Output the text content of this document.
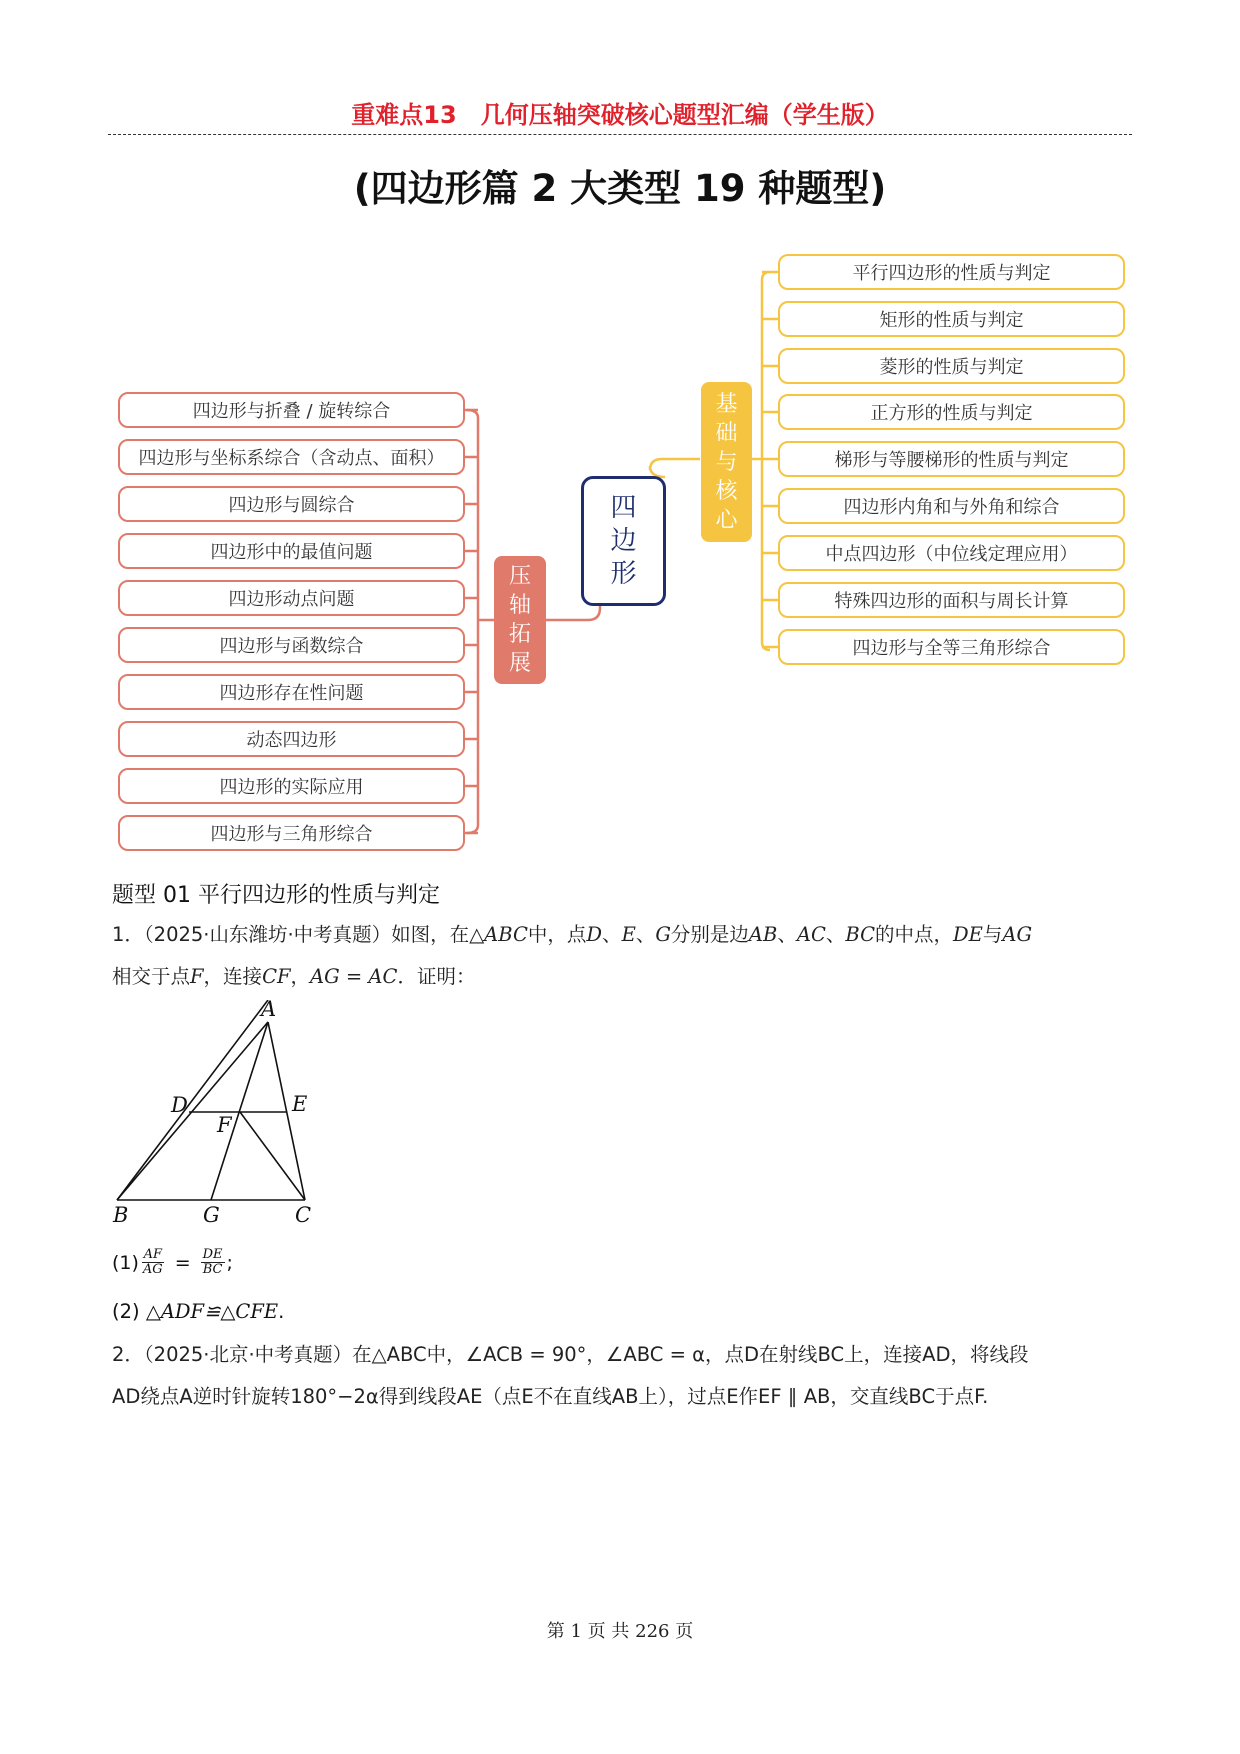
重难点13　几何压轴突破核心题型汇编（学生版）
(四边形篇 2 大类型 19 种题型)
四
边
形
基
础
与
核
心
压
轴
拓
展
平行四边形的性质与判定
矩形的性质与判定
菱形的性质与判定
正方形的性质与判定
梯形与等腰梯形的性质与判定
四边形内角和与外角和综合
中点四边形（中位线定理应用）
特殊四边形的面积与周长计算
四边形与全等三角形综合
四边形与折叠 / 旋转综合
四边形与坐标系综合（含动点、面积）
四边形与圆综合
四边形中的最值问题
四边形动点问题
四边形与函数综合
四边形存在性问题
动态四边形
四边形的实际应用
四边形与三角形综合
题型 01 平行四边形的性质与判定
1．（2025·山东潍坊·中考真题）如图，在△ABC中，点D、E、G分别是边AB、AC、BC的中点，DE与AG
相交于点F，连接CF，AG = AC．证明：
A
D	E
F
B	G	C
$(1) \frac{AF}{AG} = \frac{DE}{BC}$ ;
(2) △ADF≌△CFE.
2．（2025·北京·中考真题）在△ABC中，∠ACB = 90°，∠ABC = α，点D在射线BC上，连接AD，将线段
AD绕点A逆时针旋转180°−2α得到线段AE（点E不在直线AB上），过点E作EF ∥ AB，交直线BC于点F.
第 1 页 共 226 页
